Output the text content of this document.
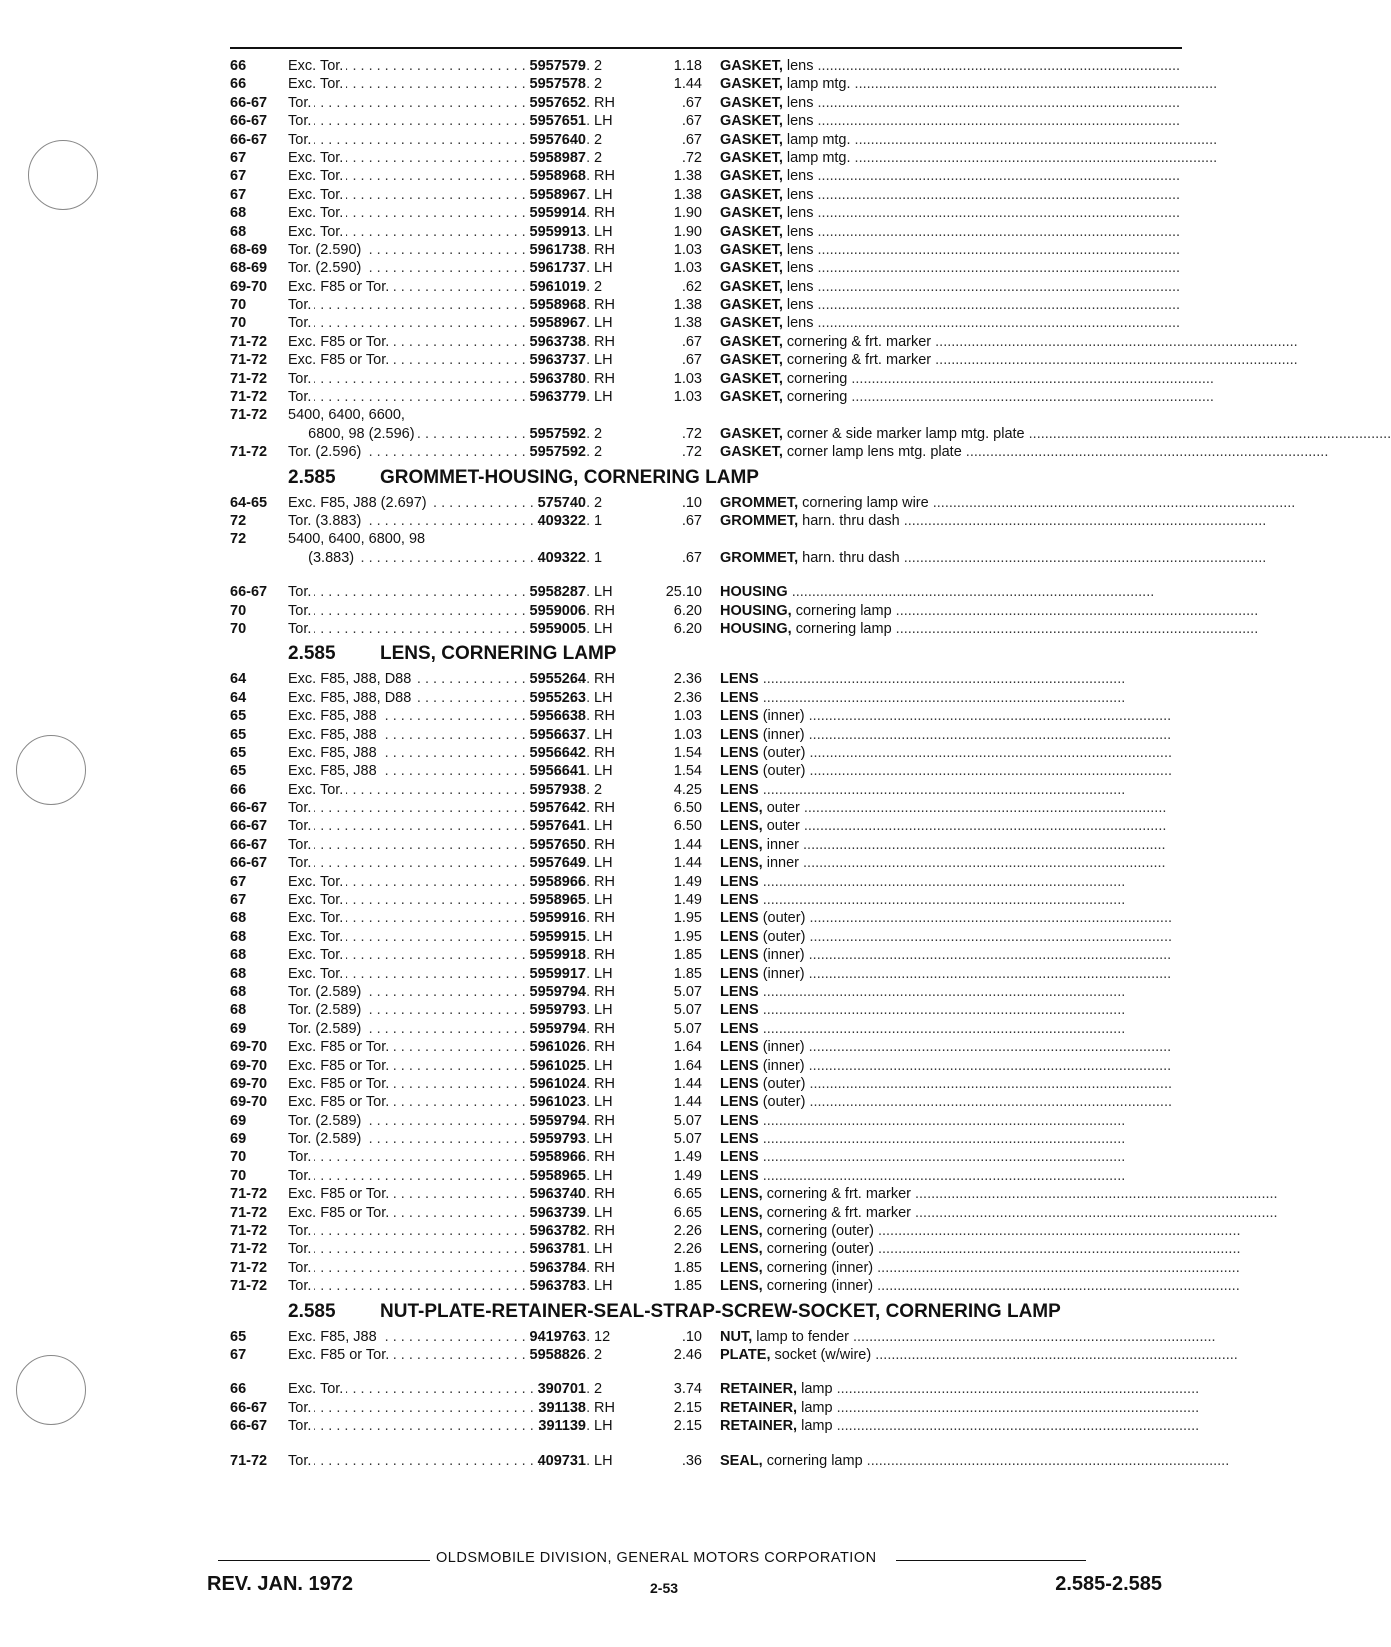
66	Exc. Tor. . . .	5957579 2	1.18 GASKET, lens ..........................................................................................
66	Exc. Tor. . . .	5957578 2	1.44 GASKET, lamp mtg. ..........................................................................................
66-67	Tor. . . .	5957652 RH	.67 GASKET, lens ..........................................................................................
66-67	Tor. . . .	5957651 LH	.67 GASKET, lens ..........................................................................................
66-67	Tor. . . .	5957640 2	.67 GASKET, lamp mtg. ..........................................................................................
67	Exc. Tor. . . .	5958987 2	.72 GASKET, lamp mtg. ..........................................................................................
67	Exc. Tor. . . .	5958968 RH	1.38 GASKET, lens ..........................................................................................
67	Exc. Tor. . . .	5958967 LH	1.38 GASKET, lens ..........................................................................................
68	Exc. Tor. . . .	5959914 RH	1.90 GASKET, lens ..........................................................................................
68	Exc. Tor. . . .	5959913 LH	1.90 GASKET, lens ..........................................................................................
68-69	Tor. (2.590) . . .	5961738 RH	1.03 GASKET, lens ..........................................................................................
68-69	Tor. (2.590) . . .	5961737 LH	1.03 GASKET, lens ..........................................................................................
69-70	Exc. F85 or Tor. . . .	5961019 2	.62 GASKET, lens ..........................................................................................
70	Tor. . . .	5958968 RH	1.38 GASKET, lens ..........................................................................................
70	Tor. . . .	5958967 LH	1.38 GASKET, lens ..........................................................................................
71-72	Exc. F85 or Tor. . . .	5963738 RH	.67 GASKET, cornering & frt. marker ..........................................................................................
71-72	Exc. F85 or Tor. . . .	5963737 LH	.67 GASKET, cornering & frt. marker ..........................................................................................
71-72	Tor. . . .	5963780 RH	1.03 GASKET, cornering ..........................................................................................
71-72	Tor. . . .	5963779 LH	1.03 GASKET, cornering ..........................................................................................
71-72	5400, 6400, 6600,
6800, 98 (2.596) . . .	5957592 2	.72 GASKET, corner & side marker lamp mtg. plate ..........................................................................................
71-72	Tor. (2.596) . . .	5957592 2	.72 GASKET, corner lamp lens mtg. plate ..........................................................................................
2.585 GROMMET-HOUSING, CORNERING LAMP
64-65	Exc. F85, J88 (2.697) . . .	575740 2	.10 GROMMET, cornering lamp wire ..........................................................................................
72	Tor. (3.883) . . .	409322 1	.67 GROMMET, harn. thru dash ..........................................................................................
72	5400, 6400, 6800, 98
(3.883) . . .	409322 1	.67 GROMMET, harn. thru dash ..........................................................................................
66-67	Tor. . . .	5958287 LH	25.10 HOUSING ..........................................................................................
70	Tor. . . .	5959006 RH	6.20 HOUSING, cornering lamp ..........................................................................................
70	Tor. . . .	5959005 LH	6.20 HOUSING, cornering lamp ..........................................................................................
2.585 LENS, CORNERING LAMP
64	Exc. F85, J88, D88 . . .	5955264 RH	2.36 LENS ..........................................................................................
64	Exc. F85, J88, D88 . . .	5955263 LH	2.36 LENS ..........................................................................................
65	Exc. F85, J88 . . .	5956638 RH	1.03 LENS (inner) ..........................................................................................
65	Exc. F85, J88 . . .	5956637 LH	1.03 LENS (inner) ..........................................................................................
65	Exc. F85, J88 . . .	5956642 RH	1.54 LENS (outer) ..........................................................................................
65	Exc. F85, J88 . . .	5956641 LH	1.54 LENS (outer) ..........................................................................................
66	Exc. Tor. . . .	5957938 2	4.25 LENS ..........................................................................................
66-67	Tor. . . .	5957642 RH	6.50 LENS, outer ..........................................................................................
66-67	Tor. . . .	5957641 LH	6.50 LENS, outer ..........................................................................................
66-67	Tor. . . .	5957650 RH	1.44 LENS, inner ..........................................................................................
66-67	Tor. . . .	5957649 LH	1.44 LENS, inner ..........................................................................................
67	Exc. Tor. . . .	5958966 RH	1.49 LENS ..........................................................................................
67	Exc. Tor. . . .	5958965 LH	1.49 LENS ..........................................................................................
68	Exc. Tor. . . .	5959916 RH	1.95 LENS (outer) ..........................................................................................
68	Exc. Tor. . . .	5959915 LH	1.95 LENS (outer) ..........................................................................................
68	Exc. Tor. . . .	5959918 RH	1.85 LENS (inner) ..........................................................................................
68	Exc. Tor. . . .	5959917 LH	1.85 LENS (inner) ..........................................................................................
68	Tor. (2.589) . . .	5959794 RH	5.07 LENS ..........................................................................................
68	Tor. (2.589) . . .	5959793 LH	5.07 LENS ..........................................................................................
69	Tor. (2.589) . . .	5959794 RH	5.07 LENS ..........................................................................................
69-70	Exc. F85 or Tor. . . .	5961026 RH	1.64 LENS (inner) ..........................................................................................
69-70	Exc. F85 or Tor. . . .	5961025 LH	1.64 LENS (inner) ..........................................................................................
69-70	Exc. F85 or Tor. . . .	5961024 RH	1.44 LENS (outer) ..........................................................................................
69-70	Exc. F85 or Tor. . . .	5961023 LH	1.44 LENS (outer) ..........................................................................................
69	Tor. (2.589) . . .	5959794 RH	5.07 LENS ..........................................................................................
69	Tor. (2.589) . . .	5959793 LH	5.07 LENS ..........................................................................................
70	Tor. . . .	5958966 RH	1.49 LENS ..........................................................................................
70	Tor. . . .	5958965 LH	1.49 LENS ..........................................................................................
71-72	Exc. F85 or Tor. . . .	5963740 RH	6.65 LENS, cornering & frt. marker ..........................................................................................
71-72	Exc. F85 or Tor. . . .	5963739 LH	6.65 LENS, cornering & frt. marker ..........................................................................................
71-72	Tor. . . .	5963782 RH	2.26 LENS, cornering (outer) ..........................................................................................
71-72	Tor. . . .	5963781 LH	2.26 LENS, cornering (outer) ..........................................................................................
71-72	Tor. . . .	5963784 RH	1.85 LENS, cornering (inner) ..........................................................................................
71-72	Tor. . . .	5963783 LH	1.85 LENS, cornering (inner) ..........................................................................................
2.585 NUT-PLATE-RETAINER-SEAL-STRAP-SCREW-SOCKET, CORNERING LAMP
65	Exc. F85, J88 . . .	9419763 12	.10 NUT, lamp to fender ..........................................................................................
67	Exc. F85 or Tor. . . .	5958826 2	2.46 PLATE, socket (w/wire) ..........................................................................................
66	Exc. Tor. . . .	390701 2	3.74 RETAINER, lamp ..........................................................................................
66-67	Tor. . . .	391138 RH	2.15 RETAINER, lamp ..........................................................................................
66-67	Tor. . . .	391139 LH	2.15 RETAINER, lamp ..........................................................................................
71-72	Tor. . . .	409731 LH	.36 SEAL, cornering lamp ..........................................................................................
OLDSMOBILE DIVISION, GENERAL MOTORS CORPORATION
REV. JAN. 1972	2-53	2.585-2.585
